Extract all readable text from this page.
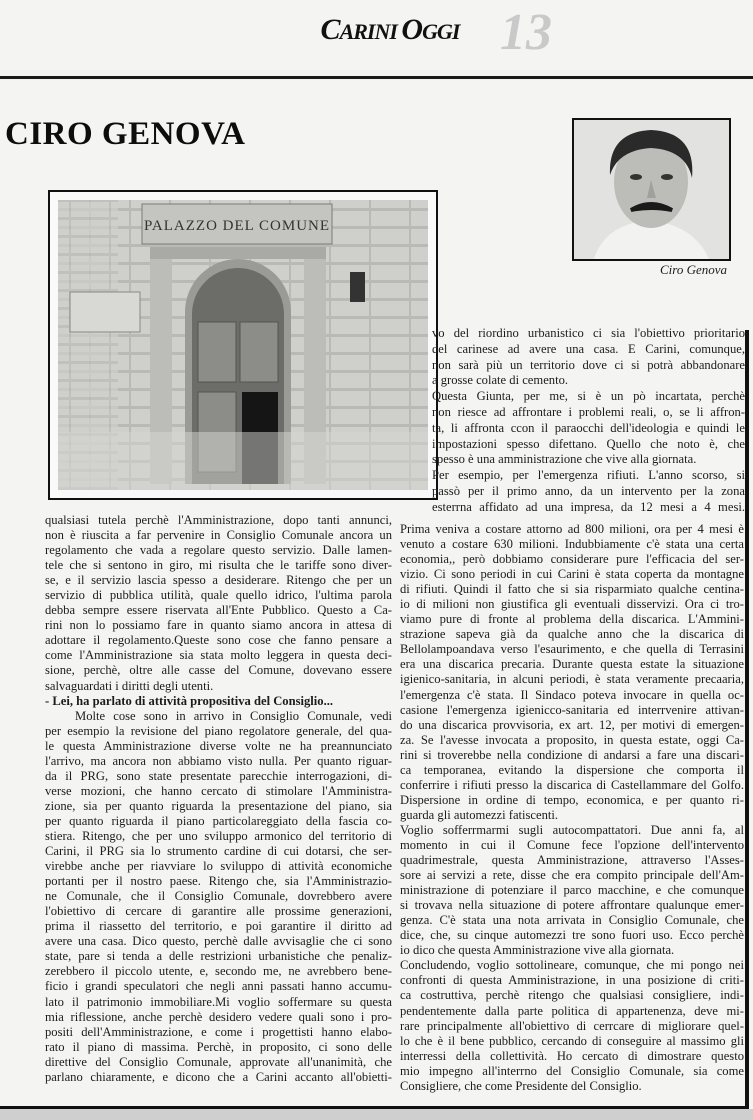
CARINI OGGI 13
CIRO GENOVA
PALAZZO DEL COMUNE
Ciro Genova
vo del riordino urbanistico ci sia l'obiettivo prioritario
del carinese ad avere una casa. E Carini, comunque,
non sarà più un territorio dove ci si potrà abbandonare
a grosse colate di cemento.
Questa Giunta, per me, si è un pò incartata, perchè
non riesce ad affrontare i problemi reali, o, se li affron-
ta, li affronta ccon il paraocchi dell'ideologia e quindi le
impostazioni spesso difettano. Quello che noto è, che
spesso è una amministrazione che vive alla giornata.
Per esempio, per l'emergenza rifiuti. L'anno scorso, si
passò per il primo anno, da un intervento per la zona
esterrna affidato ad una impresa, da 12 mesi a 4 mesi.
qualsiasi tutela perchè l'Amministrazione, dopo tanti annunci,
non è riuscita a far pervenire in Consiglio Comunale ancora un
regolamento che vada a regolare questo servizio. Dalle lamen-
tele che si sentono in giro, mi risulta che le tariffe sono diver-
se, e il servizio lascia spesso a desiderare. Ritengo che per un
servizio di pubblica utilità, quale quello idrico, l'ultima parola
debba sempre essere riservata all'Ente Pubblico. Questo a Ca-
rini non lo possiamo fare in quanto siamo ancora in attesa di
adottare il regolamento.Queste sono cose che fanno pensare a
come l'Amministrazione sia stata molto leggera in questa deci-
sione, perchè, oltre alle casse del Comune, dovevano essere
salvaguardati i diritti degli utenti.
- Lei, ha parlato di attività propositiva del Consiglio...
Molte cose sono in arrivo in Consiglio Comunale, vedi
per esempio la revisione del piano regolatore generale, del qua-
le questa Amministrazione diverse volte ne ha preannunciato
l'arrivo, ma ancora non abbiamo visto nulla. Per quanto riguar-
da il PRG, sono state presentate parecchie interrogazioni, di-
verse mozioni, che hanno cercato di stimolare l'Amministra-
zione, sia per quanto riguarda la presentazione del piano, sia
per quanto riguarda il piano particolareggiato della fascia co-
stiera. Ritengo, che per uno sviluppo armonico del territorio di
Carini, il PRG sia lo strumento cardine di cui dotarsi, che ser-
virebbe anche per riavviare lo sviluppo di attività economiche
portanti per il nostro paese. Ritengo che, sia l'Amministrazio-
ne Comunale, che il Consiglio Comunale, dovrebbero avere
l'obiettivo di cercare di garantire alle prossime generazioni,
prima il riassetto del territorio, e poi garantire il diritto ad
avere una casa. Dico questo, perchè dalle avvisaglie che ci sono
state, pare si tenda a delle restrizioni urbanistiche che penaliz-
zerebbero il piccolo utente, e, secondo me, ne avrebbero bene-
ficio i grandi speculatori che negli anni passati hanno accumu-
lato il patrimonio immobiliare.Mi voglio soffermare su questa
mia riflessione, anche perchè desidero vedere quali sono i pro-
positi dell'Amministrazione, e come i progettisti hanno elabo-
rato il piano di massima. Perchè, in proposito, ci sono delle
direttive del Consiglio Comunale, approvate all'unanimità, che
parlano chiaramente, e dicono che a Carini accanto all'obietti-
Prima veniva a costare attorno ad 800 milioni, ora per 4 mesi è
venuto a costare 630 milioni. Indubbiamente c'è stata una certa
economia,, però dobbiamo considerare pure l'efficacia del ser-
vizio. Ci sono periodi in cui Carini è stata coperta da montagne
di rifiuti. Quindi il fatto che si sia risparmiato qualche centina-
io di milioni non giustifica gli eventuali disservizi. Ora ci tro-
viamo pure di fronte al problema della discarica. L'Ammini-
strazione sapeva già da qualche anno che la discarica di
Bellolampoandava verso l'esaurimento, e che quella di Terrasini
era una discarica precaria. Durante questa estate la situazione
igienico-sanitaria, in alcuni periodi, è stata veramente precaaria,
l'emergenza c'è stata. Il Sindaco poteva invocare in quella oc-
casione l'emergenza igienicco-sanitaria ed interrvenire attivan-
do una discarica provvisoria, ex art. 12, per motivi di emergen-
za. Se l'avesse invocata a proposito, in questa estate, oggi Ca-
rini si troverebbe nella condizione di andarsi a fare una discari-
ca temporanea, evitando la dispersione che comporta il
conferrire i rifiuti presso la discarica di Castellammare del Golfo.
Dispersione in ordine di tempo, economica, e per quanto ri-
guarda gli automezzi fatiscenti.
Voglio sofferrmarmi sugli autocompattatori. Due anni fa, al
momento in cui il Comune fece l'opzione dell'intervento
quadrimestrale, questa Amministrazione, attraverso l'Asses-
sore ai servizi a rete, disse che era compito principale dell'Am-
ministrazione di potenziare il parco macchine, e che comunque
si trovava nella situazione di potere affrontare qualunque emer-
genza. C'è stata una nota arrivata in Consiglio Comunale, che
dice, che, su cinque automezzi tre sono fuori uso. Ecco perchè
io dico che questa Amministrazione vive alla giornata.
Concludendo, voglio sottolineare, comunque, che mi pongo nei
confronti di questa Amministrazione, in una posizione di criti-
ca costruttiva, perchè ritengo che qualsiasi consigliere, indi-
pendentemente dalla parte politica di appartenenza, deve mi-
rare principalmente all'obiettivo di cerrcare di migliorare quel-
lo che è il bene pubblico, cercando di conseguire al massimo gli
interressi della collettività. Ho cercato di dimostrare questo
mio impegno all'interrno del Consiglio Comunale, sia come
Consigliere, che come Presidente del Consiglio.
